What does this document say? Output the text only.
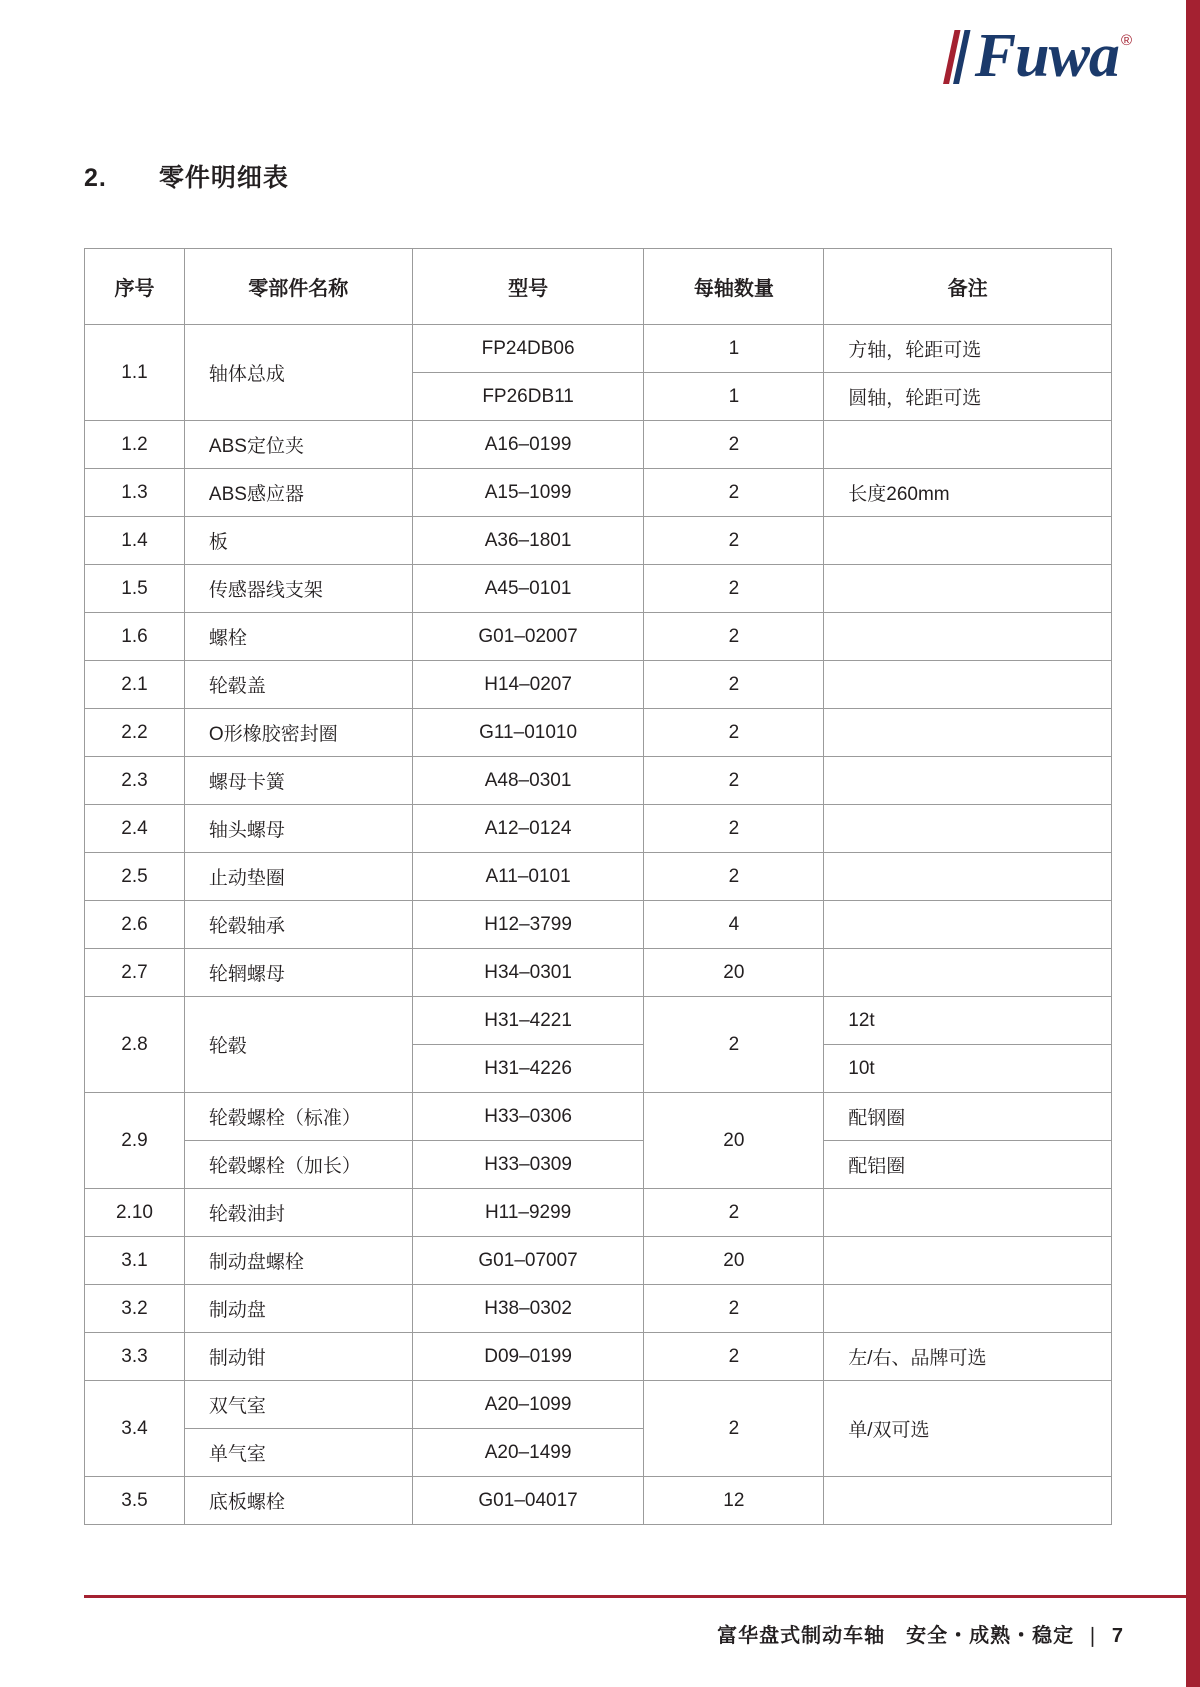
Fuwa ®
2. 零件明细表
序号	零部件名称	型号	每轴数量	备注
1.1	轴体总成	FP24DB06	1	方轴，轮距可选
		FP26DB11	1	圆轴，轮距可选
1.2	ABS定位夹	A16–0199	2	
1.3	ABS感应器	A15–1099	2	长度260mm
1.4	板	A36–1801	2	
1.5	传感器线支架	A45–0101	2	
1.6	螺栓	G01–02007	2	
2.1	轮毂盖	H14–0207	2	
2.2	O形橡胶密封圈	G11–01010	2	
2.3	螺母卡簧	A48–0301	2	
2.4	轴头螺母	A12–0124	2	
2.5	止动垫圈	A11–0101	2	
2.6	轮毂轴承	H12–3799	4	
2.7	轮辋螺母	H34–0301	20	
2.8	轮毂	H31–4221	2	12t
		H31–4226		10t
2.9	轮毂螺栓（标准）	H33–0306	20	配钢圈
	轮毂螺栓（加长）	H33–0309		配铝圈
2.10	轮毂油封	H11–9299	2	
3.1	制动盘螺栓	G01–07007	20	
3.2	制动盘	H38–0302	2	
3.3	制动钳	D09–0199	2	左/右、品牌可选
3.4	双气室	A20–1099	2	单/双可选
	单气室	A20–1499		
3.5	底板螺栓	G01–04017	12	
富华盘式制动车轴　安全・成熟・稳定 ❘ 7
